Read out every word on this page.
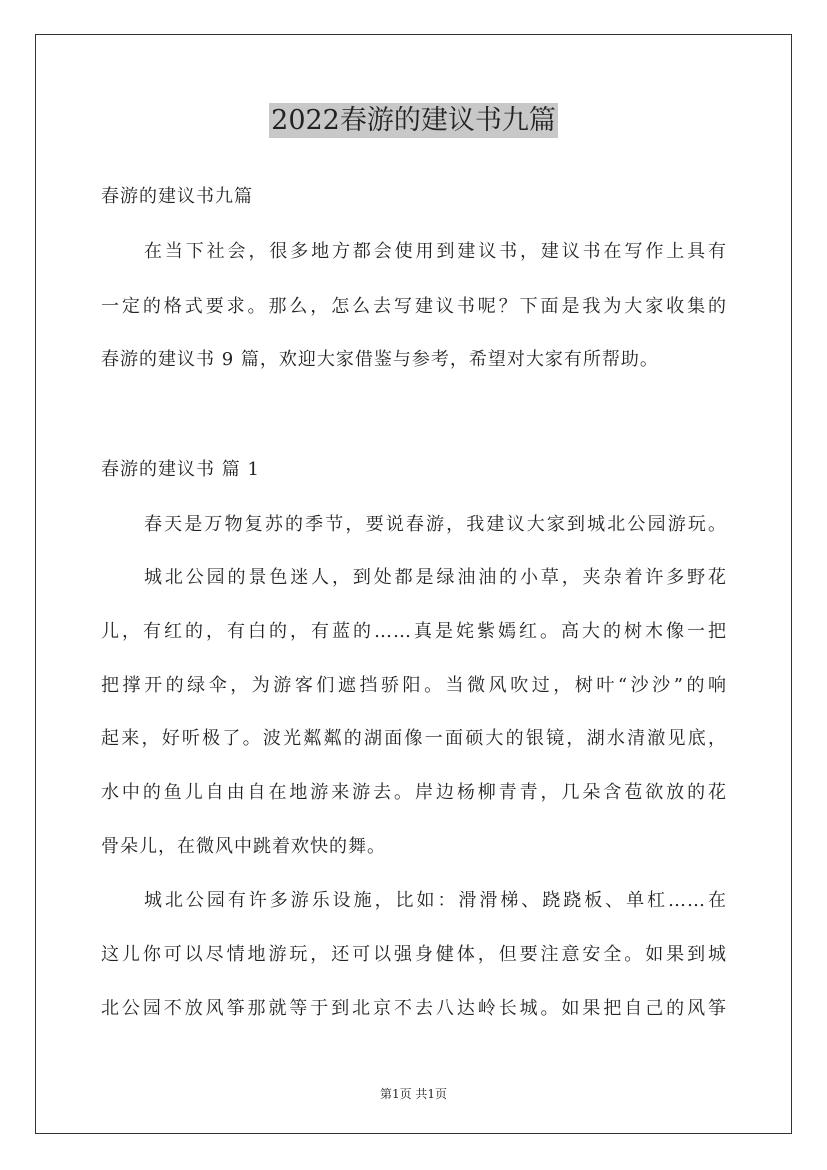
2022春游的建议书九篇
春游的建议书九篇
在当下社会，很多地方都会使用到建议书，建议书在写作上具有
一定的格式要求。那么，怎么去写建议书呢？下面是我为大家收集的
春游的建议书 9 篇，欢迎大家借鉴与参考，希望对大家有所帮助。
春游的建议书 篇 1
春天是万物复苏的季节，要说春游，我建议大家到城北公园游玩。
城北公园的景色迷人，到处都是绿油油的小草，夹杂着许多野花
儿，有红的，有白的，有蓝的……真是姹紫嫣红。高大的树木像一把
把撑开的绿伞，为游客们遮挡骄阳。当微风吹过，树叶“沙沙”的响
起来，好听极了。波光粼粼的湖面像一面硕大的银镜，湖水清澈见底，
水中的鱼儿自由自在地游来游去。岸边杨柳青青，几朵含苞欲放的花
骨朵儿，在微风中跳着欢快的舞。
城北公园有许多游乐设施，比如：滑滑梯、跷跷板、单杠……在
这儿你可以尽情地游玩，还可以强身健体，但要注意安全。如果到城
北公园不放风筝那就等于到北京不去八达岭长城。如果把自己的风筝
第1页 共1页
